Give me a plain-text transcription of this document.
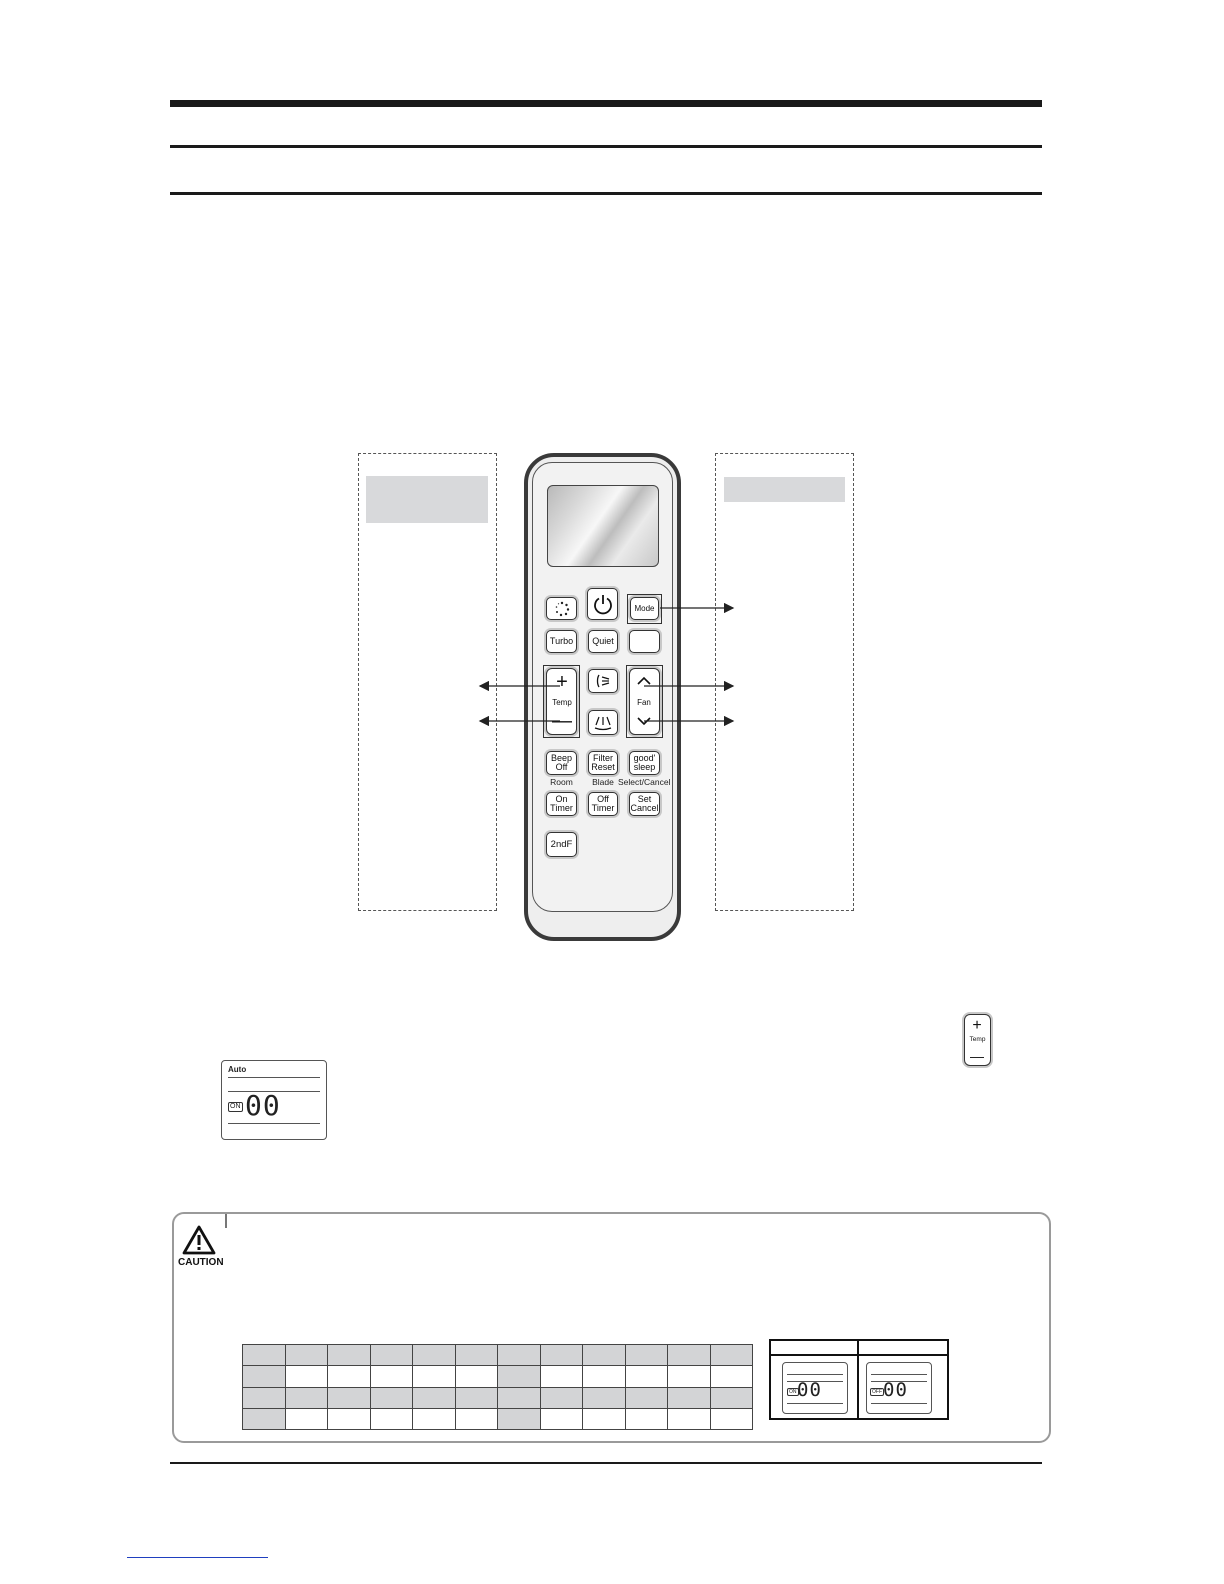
Mode
Turbo	Quiet
+
Temp
—
Fan
Beep
Off
Filter
Reset
good'
sleep
Room	Blade Select/Cancel
On
Timer
Off
Timer
Set
Cancel
2ndF
+
Temp
—
Auto
ON 00
CAUTION

ON 00	OFF 00
